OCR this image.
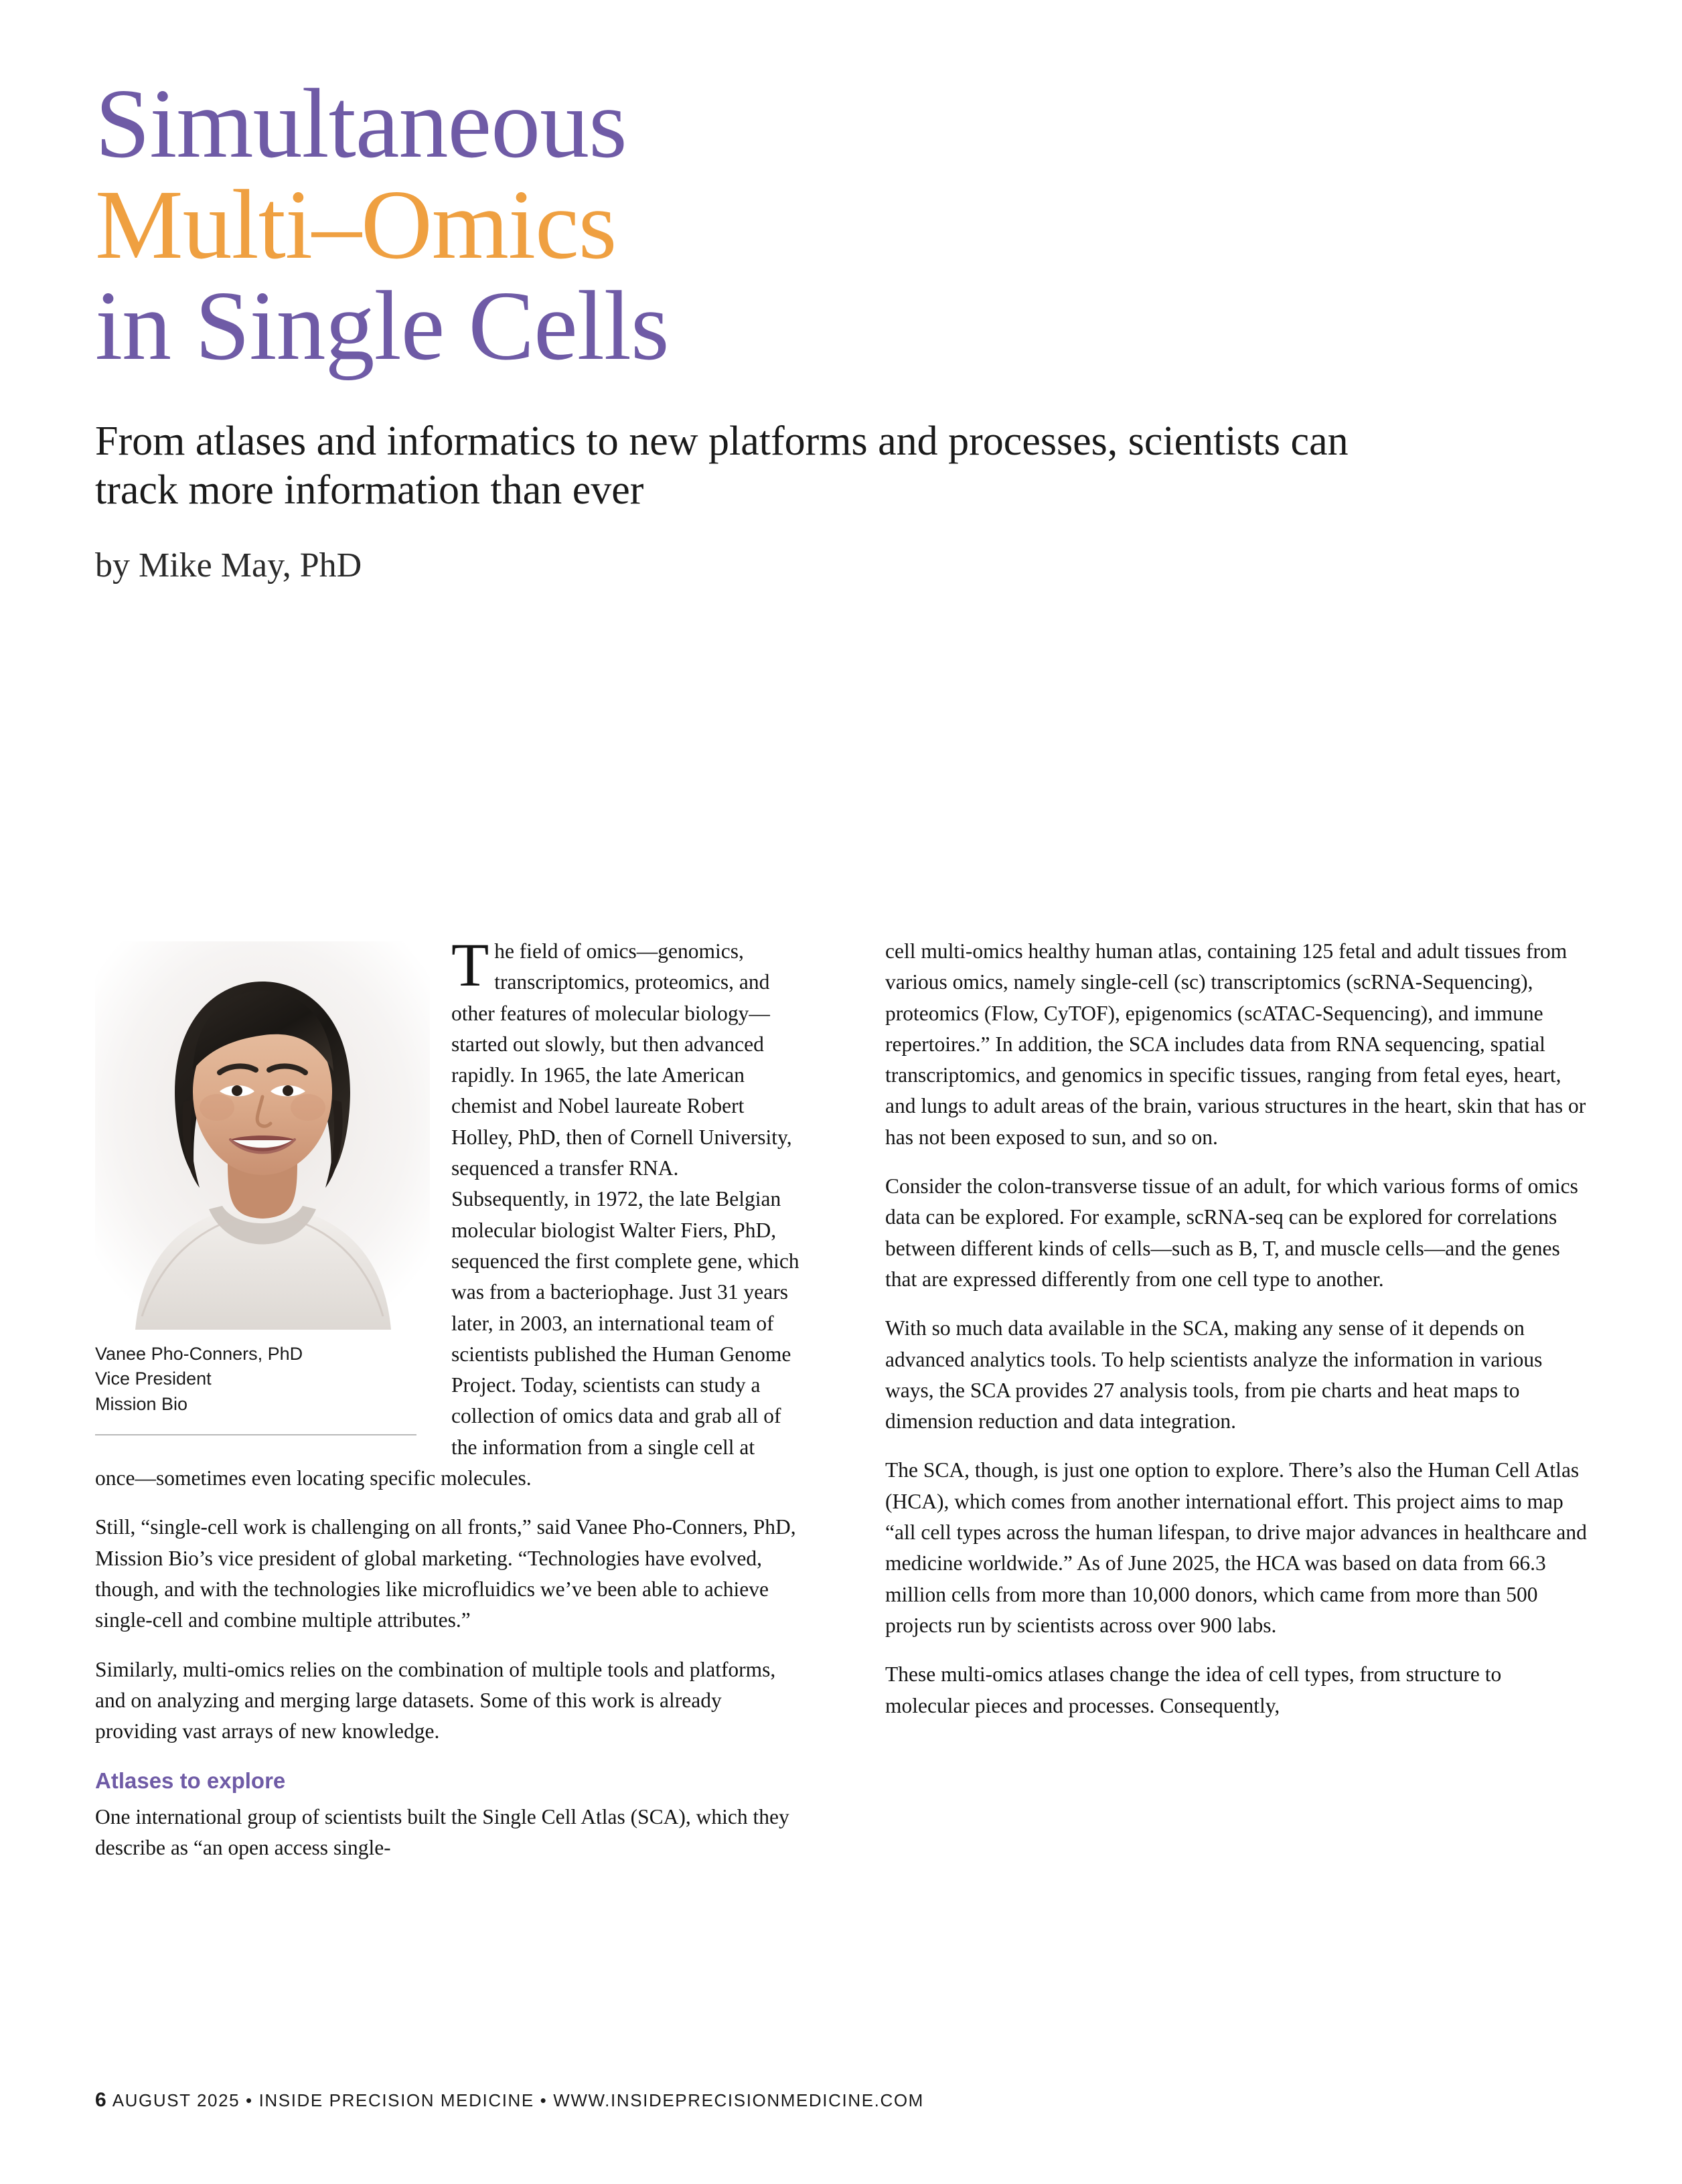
Simultaneous
Multi–Omics
in Single Cells
From atlases and informatics to new platforms and processes, scientists can track more information than ever
by Mike May, PhD
Vanee Pho-Conners, PhD
Vice President
Mission Bio

The field of omics—genomics, transcriptomics, proteomics, and other features of molecular biology—started out slowly, but then advanced rapidly. In 1965, the late American chemist and Nobel laureate Robert Holley, PhD, then of Cornell University, sequenced a transfer RNA. Subsequently, in 1972, the late Belgian molecular biologist Walter Fiers, PhD, sequenced the first complete gene, which was from a bacteriophage. Just 31 years later, in 2003, an international team of scientists published the Human Genome Project. Today, scientists can study a collection of omics data and grab all of the information from a single cell at once—sometimes even locating specific molecules.

Still, “single-cell work is challenging on all fronts,” said Vanee Pho-Conners, PhD, Mission Bio’s vice president of global marketing. “Technologies have evolved, though, and with the technologies like microfluidics we’ve been able to achieve single-cell and combine multiple attributes.”

Similarly, multi-omics relies on the combination of multiple tools and platforms, and on analyzing and merging large datasets. Some of this work is already providing vast arrays of new knowledge.

Atlases to explore

One international group of scientists built the Single Cell Atlas (SCA), which they describe as “an open access single-

cell multi-omics healthy human atlas, containing 125 fetal and adult tissues from various omics, namely single-cell (sc) transcriptomics (scRNA-Sequencing), proteomics (Flow, CyTOF), epigenomics (scATAC-Sequencing), and immune repertoires.” In addition, the SCA includes data from RNA sequencing, spatial transcriptomics, and genomics in specific tissues, ranging from fetal eyes, heart, and lungs to adult areas of the brain, various structures in the heart, skin that has or has not been exposed to sun, and so on.

Consider the colon-transverse tissue of an adult, for which various forms of omics data can be explored. For example, scRNA-seq can be explored for correlations between different kinds of cells—such as B, T, and muscle cells—and the genes that are expressed differently from one cell type to another.

With so much data available in the SCA, making any sense of it depends on advanced analytics tools. To help scientists analyze the information in various ways, the SCA provides 27 analysis tools, from pie charts and heat maps to dimension reduction and data integration.

The SCA, though, is just one option to explore. There’s also the Human Cell Atlas (HCA), which comes from another international effort. This project aims to map “all cell types across the human lifespan, to drive major advances in healthcare and medicine worldwide.” As of June 2025, the HCA was based on data from 66.3 million cells from more than 10,000 donors, which came from more than 500 projects run by scientists across over 900 labs.

These multi-omics atlases change the idea of cell types, from structure to molecular pieces and processes. Consequently,

6 AUGUST 2025 • INSIDE PRECISION MEDICINE • WWW.INSIDEPRECISIONMEDICINE.COM
